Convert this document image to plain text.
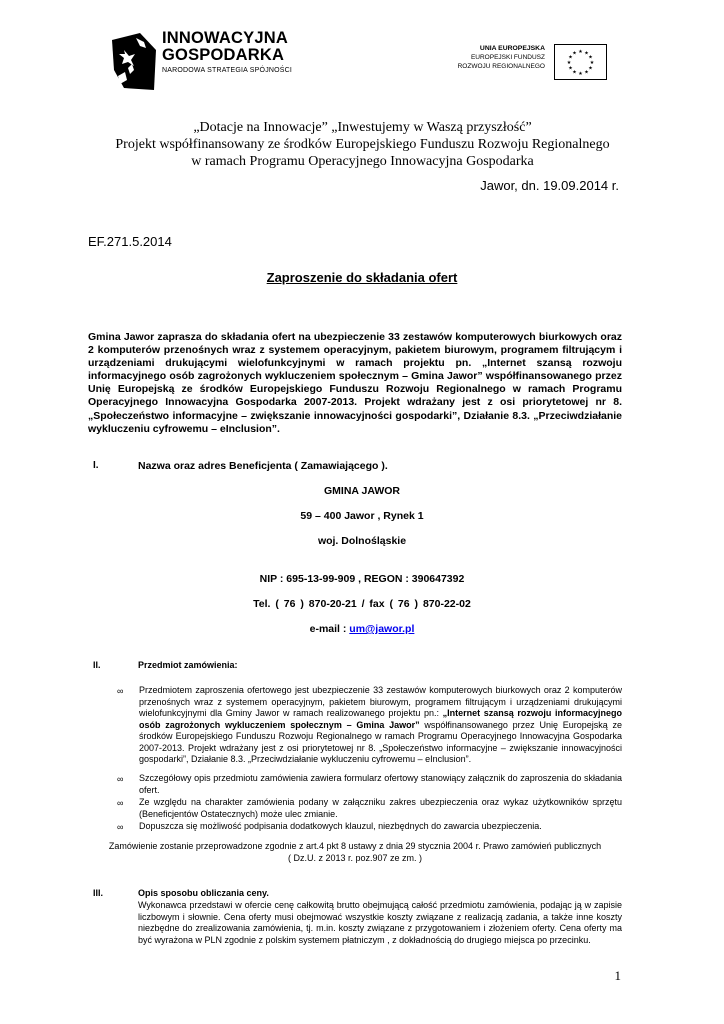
INNOWACYJNA
GOSPODARKA
NARODOWA STRATEGIA SPÓJNOŚCI
UNIA EUROPEJSKA
EUROPEJSKI FUNDUSZ
ROZWOJU REGIONALNEGO
★ ★
★
★
★
★
★
★
★
★
★
★
„Dotacje na Innowacje” „Inwestujemy w Waszą przyszłość”
Projekt współfinansowany ze środków Europejskiego Funduszu Rozwoju Regionalnego
w ramach Programu Operacyjnego Innowacyjna Gospodarka
Jawor, dn. 19.09.2014 r.
EF.271.5.2014
Zaproszenie do składania ofert
Gmina Jawor zaprasza do składania ofert na ubezpieczenie 33 zestawów komputerowych biurkowych oraz 2 komputerów przenośnych wraz z systemem operacyjnym, pakietem biurowym, programem filtrującym i urządzeniami drukującymi wielofunkcyjnymi w ramach projektu pn. „Internet szansą rozwoju informacyjnego osób zagrożonych wykluczeniem społecznym – Gmina Jawor” współfinansowanego przez Unię Europejską ze środków Europejskiego Funduszu Rozwoju Regionalnego w ramach Programu Operacyjnego Innowacyjna Gospodarka 2007-2013. Projekt wdrażany jest z osi priorytetowej nr 8. „Społeczeństwo informacyjne – zwiększanie innowacyjności gospodarki”, Działanie 8.3. „Przeciwdziałanie wykluczeniu cyfrowemu – eInclusion”.
I.	Nazwa oraz adres Beneficjenta ( Zamawiającego ).
GMINA JAWOR
59 – 400 Jawor , Rynek 1
woj. Dolnośląskie
NIP : 695-13-99-909 , REGON : 390647392
Tel. ( 76 ) 870-20-21 / fax ( 76 ) 870-22-02
e-mail : um@jawor.pl
II.	Przedmiot zamówienia:
∞ Przedmiotem zaproszenia ofertowego jest ubezpieczenie 33 zestawów komputerowych biurkowych oraz 2 komputerów przenośnych wraz z systemem operacyjnym, pakietem biurowym, programem filtrującym i urządzeniami drukującymi wielofunkcyjnymi dla Gminy Jawor w ramach realizowanego projektu pn.: „Internet szansą rozwoju informacyjnego osób zagrożonych wykluczeniem społecznym – Gmina Jawor” współfinansowanego przez Unię Europejską ze środków Europejskiego Funduszu Rozwoju Regionalnego w ramach Programu Operacyjnego Innowacyjna Gospodarka 2007-2013. Projekt wdrażany jest z osi priorytetowej nr 8. „Społeczeństwo informacyjne – zwiększanie innowacyjności gospodarki”, Działanie 8.3. „Przeciwdziałanie wykluczeniu cyfrowemu – eInclusion”.
∞ Szczegółowy opis przedmiotu zamówienia zawiera formularz ofertowy stanowiący załącznik do zaproszenia do składania ofert.
∞ Ze względu na charakter zamówienia podany w załączniku zakres ubezpieczenia oraz wykaz użytkowników sprzętu (Beneficjentów Ostatecznych) może ulec zmianie.
∞ Dopuszcza się możliwość podpisania dodatkowych klauzul, niezbędnych do zawarcia ubezpieczenia.
Zamówienie zostanie przeprowadzone zgodnie z art.4 pkt 8 ustawy z dnia 29 stycznia 2004 r. Prawo zamówień publicznych
( Dz.U. z 2013 r. poz.907 ze zm. )
III.	Opis sposobu obliczania ceny.
Wykonawca przedstawi w ofercie cenę całkowitą brutto obejmującą całość przedmiotu zamówienia, podając ją w zapisie liczbowym i słownie. Cena oferty musi obejmować wszystkie koszty związane z realizacją zadania, a także inne koszty niezbędne do zrealizowania zamówienia, tj. m.in. koszty związane z przygotowaniem i złożeniem oferty. Cena oferty ma być wyrażona w PLN zgodnie z polskim systemem płatniczym , z dokładnością do drugiego miejsca po przecinku.
1
